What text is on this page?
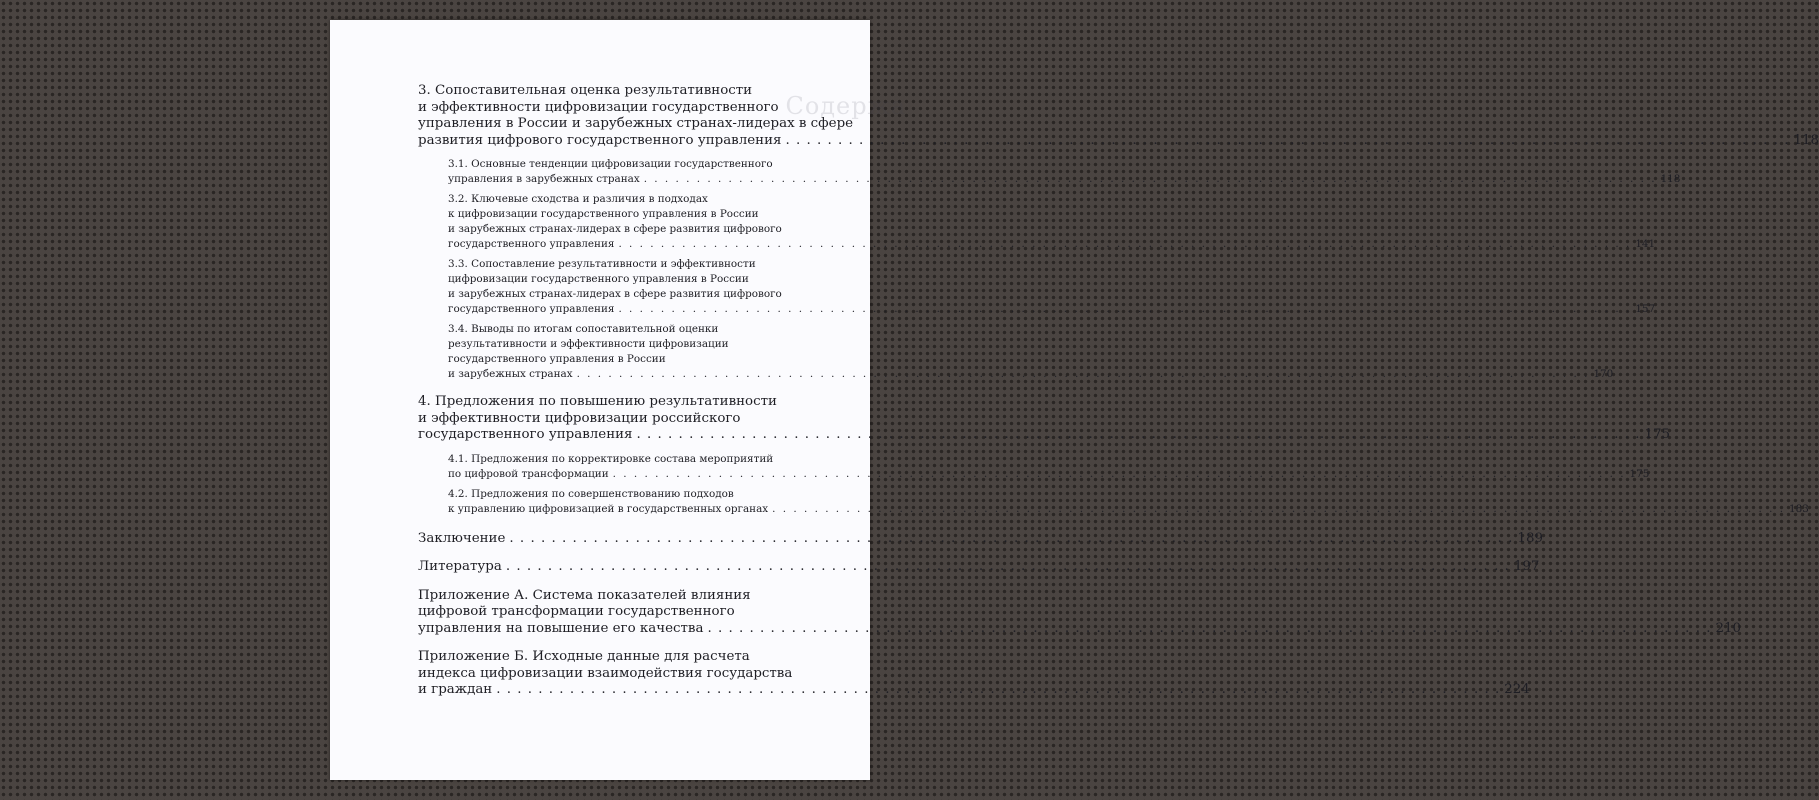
Содержа
3. Сопоставительная оценка результативности
и эффективности цифровизации государственного
управления в России и зарубежных странах-лидерах в сфере
развития цифрового государственного управления . . .	118
3.1. Основные тенденции цифровизации государственного
управления в зарубежных странах . . .	118
3.2. Ключевые сходства и различия в подходах
к цифровизации государственного управления в России
и зарубежных странах-лидерах в сфере развития цифрового
государственного управления . . .	141
3.3. Сопоставление результативности и эффективности
цифровизации государственного управления в России
и зарубежных странах-лидерах в сфере развития цифрового
государственного управления . . .	157
3.4. Выводы по итогам сопоставительной оценки
результативности и эффективности цифровизации
государственного управления в России
и зарубежных странах . . .	170
4. Предложения по повышению результативности
и эффективности цифровизации российского
государственного управления . . .	175
4.1. Предложения по корректировке состава мероприятий
по цифровой трансформации . . .	175
4.2. Предложения по совершенствованию подходов
к управлению цифровизацией в государственных органах . . .	183
Заключение . . .	189
Литература . . .	197
Приложение А. Система показателей влияния
цифровой трансформации государственного
управления на повышение его качества . . .	210
Приложение Б. Исходные данные для расчета
индекса цифровизации взаимодействия государства
и граждан . . .	224
